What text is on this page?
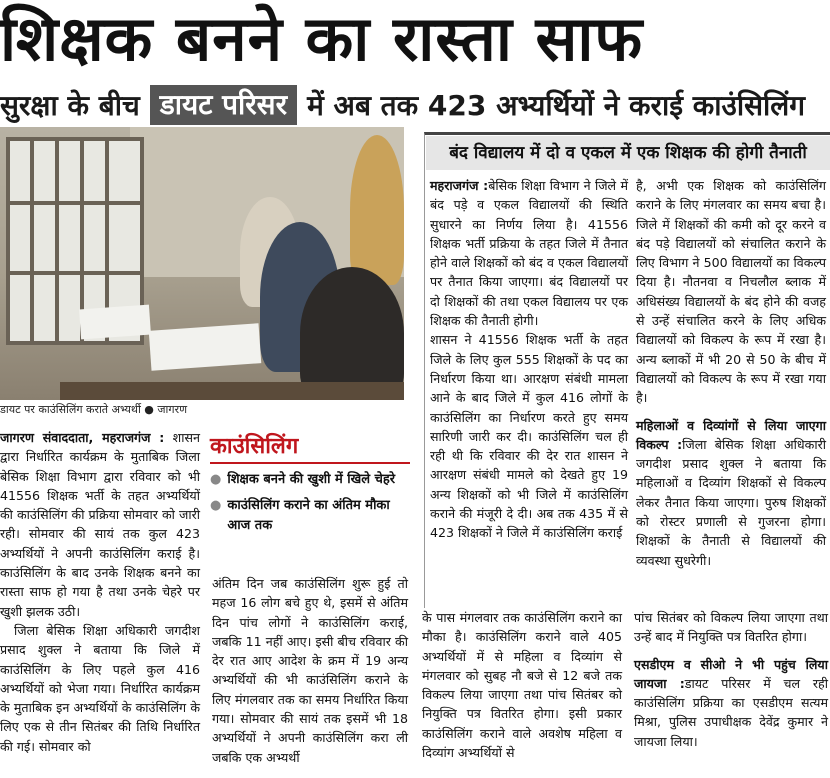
शिक्षक बनने का रास्ता साफ
सुरक्षा के बीच डायट परिसर में अब तक 423 अभ्यर्थियों ने कराई काउंसिलिंग
डायट पर काउंसिलिंग कराते अभ्यर्थी ● जागरण
बंद विद्यालय में दो व एकल में एक शिक्षक की होगी तैनाती

महराजगंज :बेसिक शिक्षा विभाग ने जिले में बंद पड़े व एकल विद्यालयों की स्थिति सुधारने का निर्णय लिया है। 41556 शिक्षक भर्ती प्रक्रिया के तहत जिले में तैनात होने वाले शिक्षकों को बंद व एकल विद्यालयों पर तैनात किया जाएगा। बंद विद्यालयों पर दो शिक्षकों की तथा एकल विद्यालय पर एक शिक्षक की तैनाती होगी।

शासन ने 41556 शिक्षक भर्ती के तहत जिले के लिए कुल 555 शिक्षकों के पद का निर्धारण किया था। आरक्षण संबंधी मामला आने के बाद जिले में कुल 416 लोगों के काउंसिलिंग का निर्धारण करते हुए समय सारिणी जारी कर दी। काउंसिलिंग चल ही रही थी कि रविवार की देर रात शासन ने आरक्षण संबंधी मामले को देखते हुए 19 अन्य शिक्षकों को भी जिले में काउंसिलिंग कराने की मंजूरी दे दी। अब तक 435 में से 423 शिक्षकों ने जिले में काउंसिलिंग कराई

है, अभी एक शिक्षक को काउंसिलिंग कराने के लिए मंगलवार का समय बचा है। जिले में शिक्षकों की कमी को दूर करने व बंद पड़े विद्यालयों को संचालित कराने के लिए विभाग ने 500 विद्यालयों का विकल्प दिया है। नौतनवा व निचलौल ब्लाक में अधिसंख्य विद्यालयों के बंद होने की वजह से उन्हें संचालित करने के लिए अधिक विद्यालयों को विकल्प के रूप में रखा है। अन्य ब्लाकों में भी 20 से 50 के बीच में विद्यालयों को विकल्प के रूप में रखा गया है।

महिलाओं व दिव्यांगों से लिया जाएगा विकल्प :जिला बेसिक शिक्षा अधिकारी जगदीश प्रसाद शुक्ल ने बताया कि महिलाओं व दिव्यांग शिक्षकों से विकल्प लेकर तैनात किया जाएगा। पुरुष शिक्षकों को रोस्टर प्रणाली से गुजरना होगा। शिक्षकों के तैनाती से विद्यालयों की व्यवस्था सुधरेगी।

जागरण संवाददाता, महराजगंज : शासन द्वारा निर्धारित कार्यक्रम के मुताबिक जिला बेसिक शिक्षा विभाग द्वारा रविवार को भी 41556 शिक्षक भर्ती के तहत अभ्यर्थियों की काउंसिलिंग की प्रक्रिया सोमवार को जारी रही। सोमवार की सायं तक कुल 423 अभ्यर्थियों ने अपनी काउंसिलिंग कराई है। काउंसिलिंग के बाद उनके शिक्षक बनने का रास्ता साफ हो गया है तथा उनके चेहरे पर खुशी झलक उठी।

जिला बेसिक शिक्षा अधिकारी जगदीश प्रसाद शुक्ल ने बताया कि जिले में काउंसिलिंग के लिए पहले कुल 416 अभ्यर्थियों को भेजा गया। निर्धारित कार्यक्रम के मुताबिक इन अभ्यर्थियों के काउंसिलिंग के लिए एक से तीन सितंबर की तिथि निर्धारित की गई। सोमवार को

काउंसिलिंग
● शिक्षक बनने की खुशी में खिले चेहरे
● काउंसिलिंग कराने का अंतिम मौका आज तक

अंतिम दिन जब काउंसिलिंग शुरू हुई तो महज 16 लोग बचे हुए थे, इसमें से अंतिम दिन पांच लोगों ने काउंसिलिंग कराई, जबकि 11 नहीं आए। इसी बीच रविवार की देर रात आए आदेश के क्रम में 19 अन्य अभ्यर्थियों की भी काउंसिलिंग कराने के लिए मंगलवार तक का समय निर्धारित किया गया। सोमवार की सायं तक इसमें भी 18 अभ्यर्थियों ने अपनी काउंसिलिंग करा ली जबकि एक अभ्यर्थी

के पास मंगलवार तक काउंसिलिंग कराने का मौका है। काउंसिलिंग कराने वाले 405 अभ्यर्थियों में से महिला व दिव्यांग से मंगलवार को सुबह नौ बजे से 12 बजे तक विकल्प लिया जाएगा तथा पांच सितंबर को नियुक्ति पत्र वितरित होगा। इसी प्रकार काउंसिलिंग कराने वाले अवशेष महिला व दिव्यांग अभ्यर्थियों से

पांच सितंबर को विकल्प लिया जाएगा तथा उन्हें बाद में नियुक्ति पत्र वितरित होगा।

एसडीएम व सीओ ने भी पहुंच लिया जायजा :डायट परिसर में चल रही काउंसिलिंग प्रक्रिया का एसडीएम सत्यम मिश्रा, पुलिस उपाधीक्षक देवेंद्र कुमार ने जायजा लिया।
